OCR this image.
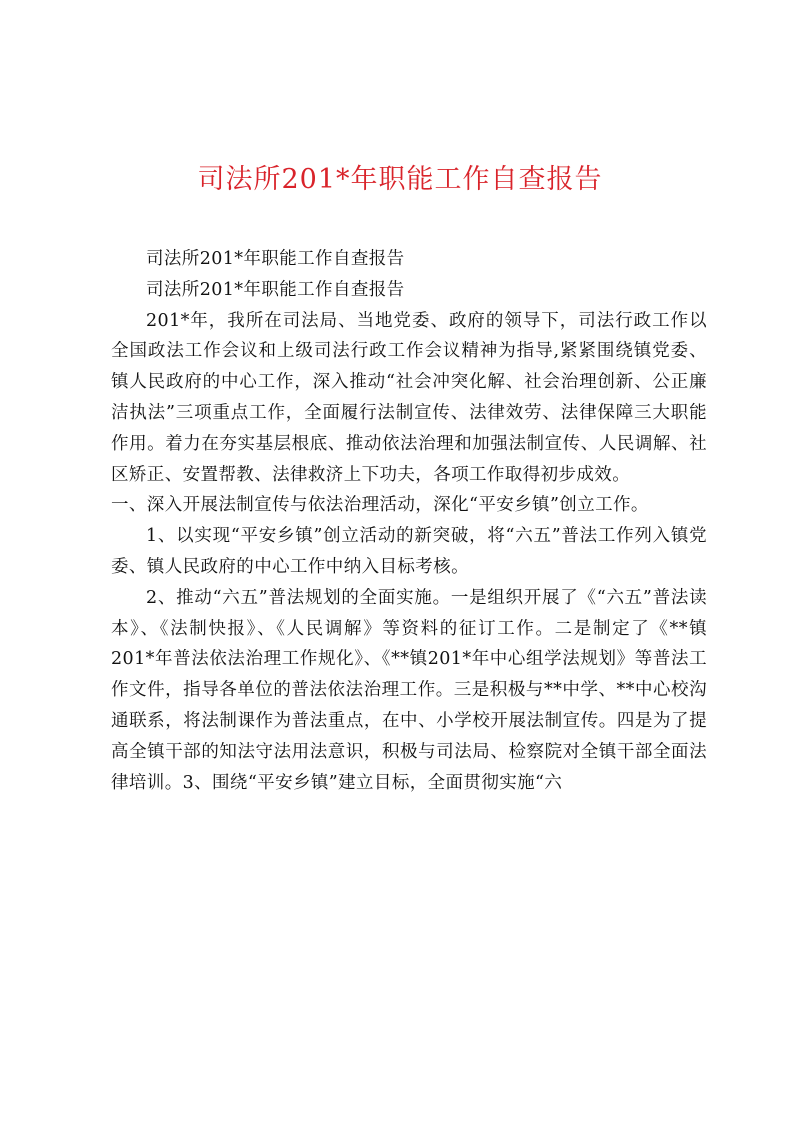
司法所201*年职能工作自查报告

司法所201*年职能工作自查报告

司法所201*年职能工作自查报告

201*年，我所在司法局、当地党委、政府的领导下，司法行政工作以全国政法工作会议和上级司法行政工作会议精神为指导,紧紧围绕镇党委、镇人民政府的中心工作，深入推动“社会冲突化解、社会治理创新、公正廉洁执法”三项重点工作，全面履行法制宣传、法律效劳、法律保障三大职能作用。着力在夯实基层根底、推动依法治理和加强法制宣传、人民调解、社区矫正、安置帮教、法律救济上下功夫，各项工作取得初步成效。

一、深入开展法制宣传与依法治理活动，深化“平安乡镇”创立工作。

1、以实现“平安乡镇”创立活动的新突破，将“六五”普法工作列入镇党委、镇人民政府的中心工作中纳入目标考核。

2、推动“六五”普法规划的全面实施。一是组织开展了《“六五”普法读本》、《法制快报》、《人民调解》等资料的征订工作。二是制定了《**镇201*年普法依法治理工作规化》、《**镇201*年中心组学法规划》等普法工作文件，指导各单位的普法依法治理工作。三是积极与**中学、**中心校沟通联系，将法制课作为普法重点，在中、小学校开展法制宣传。四是为了提高全镇干部的知法守法用法意识，积极与司法局、检察院对全镇干部全面法律培训。3、围绕“平安乡镇”建立目标，全面贯彻实施“六
